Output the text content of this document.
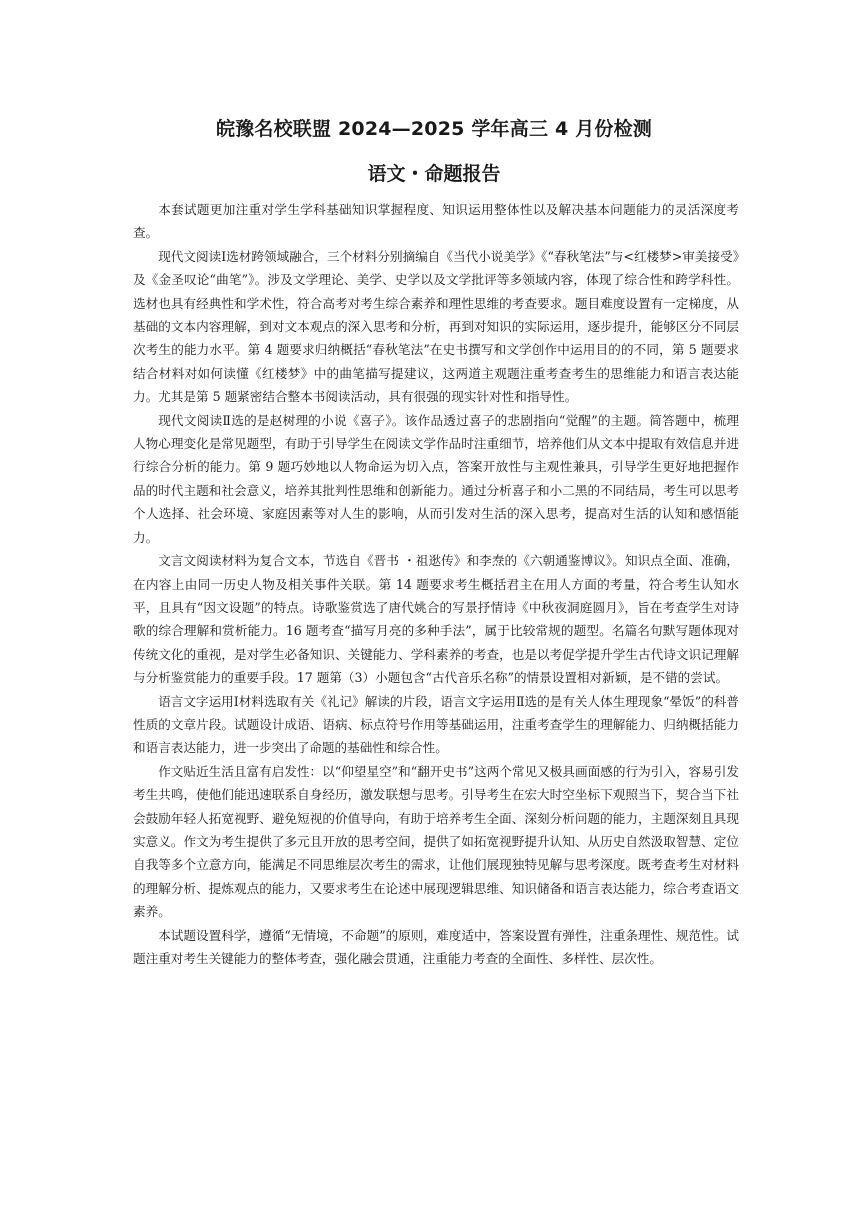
皖豫名校联盟 2024—2025 学年高三 4 月份检测
语文・命题报告

本套试题更加注重对学生学科基础知识掌握程度、知识运用整体性以及解决基本问题能力的灵活深度考查。

现代文阅读Ⅰ选材跨领域融合，三个材料分别摘编自《当代小说美学》《“春秋笔法”与<红楼梦>审美接受》及《金圣叹论“曲笔”》。涉及文学理论、美学、史学以及文学批评等多领域内容，体现了综合性和跨学科性。选材也具有经典性和学术性，符合高考对考生综合素养和理性思维的考查要求。题目难度设置有一定梯度，从基础的文本内容理解，到对文本观点的深入思考和分析，再到对知识的实际运用，逐步提升，能够区分不同层次考生的能力水平。第 4 题要求归纳概括“春秋笔法”在史书撰写和文学创作中运用目的的不同，第 5 题要求结合材料对如何读懂《红楼梦》中的曲笔描写提建议，这两道主观题注重考查考生的思维能力和语言表达能力。尤其是第 5 题紧密结合整本书阅读活动，具有很强的现实针对性和指导性。

现代文阅读Ⅱ选的是赵树理的小说《喜子》。该作品透过喜子的悲剧指向“觉醒”的主题。简答题中，梳理人物心理变化是常见题型，有助于引导学生在阅读文学作品时注重细节，培养他们从文本中提取有效信息并进行综合分析的能力。第 9 题巧妙地以人物命运为切入点，答案开放性与主观性兼具，引导学生更好地把握作品的时代主题和社会意义，培养其批判性思维和创新能力。通过分析喜子和小二黑的不同结局，考生可以思考个人选择、社会环境、家庭因素等对人生的影响，从而引发对生活的深入思考，提高对生活的认知和感悟能力。

文言文阅读材料为复合文本，节选自《晋书 ・祖逖传》和李焘的《六朝通鉴博议》。知识点全面、准确，在内容上由同一历史人物及相关事件关联。第 14 题要求考生概括君主在用人方面的考量，符合考生认知水平，且具有“因文设题”的特点。诗歌鉴赏选了唐代姚合的写景抒情诗《中秋夜洞庭圆月》，旨在考查学生对诗歌的综合理解和赏析能力。16 题考查“描写月亮的多种手法”，属于比较常规的题型。名篇名句默写题体现对传统文化的重视，是对学生必备知识、关键能力、学科素养的考查，也是以考促学提升学生古代诗文识记理解与分析鉴赏能力的重要手段。17 题第（3）小题包含“古代音乐名称”的情景设置相对新颖，是不错的尝试。

语言文字运用Ⅰ材料选取有关《礼记》解读的片段，语言文字运用Ⅱ选的是有关人体生理现象“晕饭”的科普性质的文章片段。试题设计成语、语病、标点符号作用等基础运用，注重考查学生的理解能力、归纳概括能力和语言表达能力，进一步突出了命题的基础性和综合性。

作文贴近生活且富有启发性：以“仰望星空”和“翻开史书”这两个常见又极具画面感的行为引入，容易引发考生共鸣，使他们能迅速联系自身经历，激发联想与思考。引导考生在宏大时空坐标下观照当下，契合当下社会鼓励年轻人拓宽视野、避免短视的价值导向，有助于培养考生全面、深刻分析问题的能力，主题深刻且具现实意义。作文为考生提供了多元且开放的思考空间，提供了如拓宽视野提升认知、从历史自然汲取智慧、定位自我等多个立意方向，能满足不同思维层次考生的需求，让他们展现独特见解与思考深度。既考查考生对材料的理解分析、提炼观点的能力，又要求考生在论述中展现逻辑思维、知识储备和语言表达能力，综合考查语文素养。

本试题设置科学，遵循“无情境，不命题”的原则，难度适中，答案设置有弹性，注重条理性、规范性。试题注重对考生关键能力的整体考查，强化融会贯通，注重能力考查的全面性、多样性、层次性。
